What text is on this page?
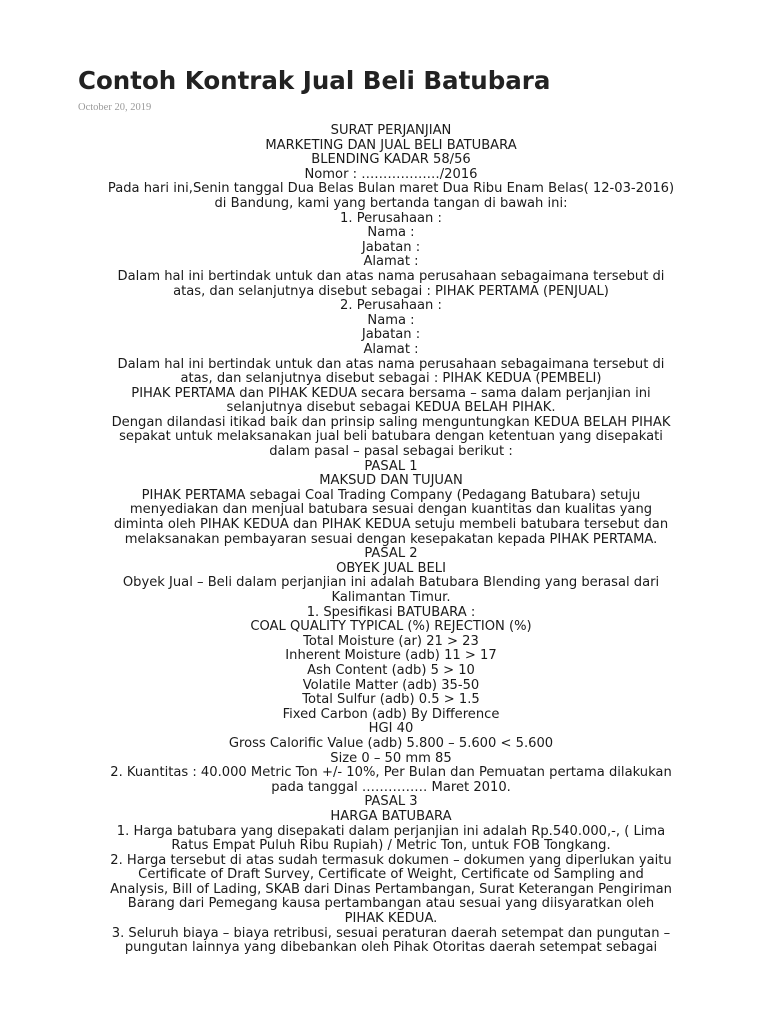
Contoh Kontrak Jual Beli Batubara
October 20, 2019

SURAT PERJANJIAN

MARKETING DAN JUAL BELI BATUBARA

BLENDING KADAR 58/56

Nomor : ………………/2016

Pada hari ini,Senin tanggal Dua Belas Bulan maret Dua Ribu Enam Belas( 12-03-2016)

di Bandung, kami yang bertanda tangan di bawah ini:

1. Perusahaan :

Nama :

Jabatan :

Alamat :

Dalam hal ini bertindak untuk dan atas nama perusahaan sebagaimana tersebut di

atas, dan selanjutnya disebut sebagai : PIHAK PERTAMA (PENJUAL)

2. Perusahaan :

Nama :

Jabatan :

Alamat :

Dalam hal ini bertindak untuk dan atas nama perusahaan sebagaimana tersebut di

atas, dan selanjutnya disebut sebagai : PIHAK KEDUA (PEMBELI)

PIHAK PERTAMA dan PIHAK KEDUA secara bersama – sama dalam perjanjian ini

selanjutnya disebut sebagai KEDUA BELAH PIHAK.

Dengan dilandasi itikad baik dan prinsip saling menguntungkan KEDUA BELAH PIHAK

sepakat untuk melaksanakan jual beli batubara dengan ketentuan yang disepakati

dalam pasal – pasal sebagai berikut :

PASAL 1

MAKSUD DAN TUJUAN

PIHAK PERTAMA sebagai Coal Trading Company (Pedagang Batubara) setuju

menyediakan dan menjual batubara sesuai dengan kuantitas dan kualitas yang

diminta oleh PIHAK KEDUA dan PIHAK KEDUA setuju membeli batubara tersebut dan

melaksanakan pembayaran sesuai dengan kesepakatan kepada PIHAK PERTAMA.

PASAL 2

OBYEK JUAL BELI

Obyek Jual – Beli dalam perjanjian ini adalah Batubara Blending yang berasal dari

Kalimantan Timur.

1. Spesifikasi BATUBARA :

COAL QUALITY TYPICAL (%) REJECTION (%)

Total Moisture (ar) 21 > 23

Inherent Moisture (adb) 11 > 17

Ash Content (adb) 5 > 10

Volatile Matter (adb) 35-50

Total Sulfur (adb) 0.5 > 1.5

Fixed Carbon (adb) By Difference

HGI 40

Gross Calorific Value (adb) 5.800 – 5.600 < 5.600

Size 0 – 50 mm 85

2. Kuantitas : 40.000 Metric Ton +/- 10%, Per Bulan dan Pemuatan pertama dilakukan

pada tanggal …………… Maret 2010.

PASAL 3

HARGA BATUBARA

1. Harga batubara yang disepakati dalam perjanjian ini adalah Rp.540.000,-, ( Lima

Ratus Empat Puluh Ribu Rupiah) / Metric Ton, untuk FOB Tongkang.

2. Harga tersebut di atas sudah termasuk dokumen – dokumen yang diperlukan yaitu

Certificate of Draft Survey, Certificate of Weight, Certificate od Sampling and

Analysis, Bill of Lading, SKAB dari Dinas Pertambangan, Surat Keterangan Pengiriman

Barang dari Pemegang kausa pertambangan atau sesuai yang diisyaratkan oleh

PIHAK KEDUA.

3. Seluruh biaya – biaya retribusi, sesuai peraturan daerah setempat dan pungutan –

pungutan lainnya yang dibebankan oleh Pihak Otoritas daerah setempat sebagai
